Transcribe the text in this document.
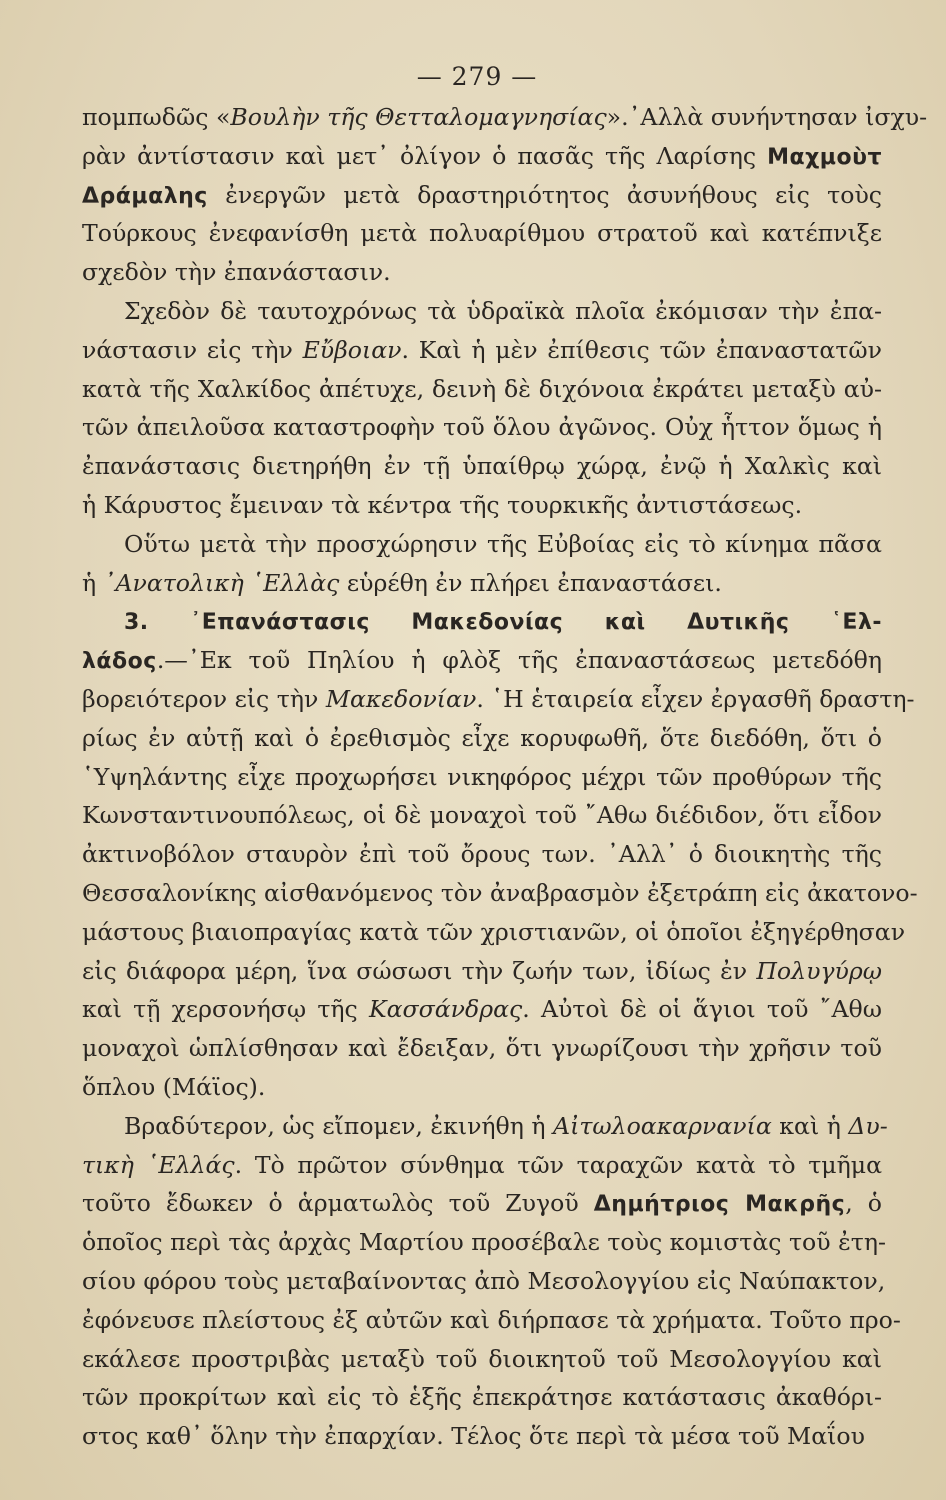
— 279 —
πομπωδῶς «Βουλὴν τῆς Θετταλομαγνησίας».᾿Αλλὰ συνήντησαν ἰσχυ-
ρὰν ἀντίστασιν καὶ μετ᾿ ὀλίγον ὁ πασᾶς τῆς Λαρίσης Μαχμοὺτ
Δράμαλης ἐνεργῶν μετὰ δραστηριότητος ἀσυνήθους εἰς τοὺς
Τούρκους ἐνεφανίσθη μετὰ πολυαρίθμου στρατοῦ καὶ κατέπνιξε
σχεδὸν τὴν ἐπανάστασιν.
Σχεδὸν δὲ ταυτοχρόνως τὰ ὑδραϊκὰ πλοῖα ἐκόμισαν τὴν ἐπα-
νάστασιν εἰς τὴν Εὔβοιαν. Καὶ ἡ μὲν ἐπίθεσις τῶν ἐπαναστατῶν
κατὰ τῆς Χαλκίδος ἀπέτυχε, δεινὴ δὲ διχόνοια ἐκράτει μεταξὺ αὐ-
τῶν ἀπειλοῦσα καταστροφὴν τοῦ ὅλου ἀγῶνος. Οὐχ ἧττον ὅμως ἡ
ἐπανάστασις διετηρήθη ἐν τῇ ὑπαίθρῳ χώρᾳ, ἐνῷ ἡ Χαλκὶς καὶ
ἡ Κάρυστος ἔμειναν τὰ κέντρα τῆς τουρκικῆς ἀντιστάσεως.
Οὕτω μετὰ τὴν προσχώρησιν τῆς Εὐβοίας εἰς τὸ κίνημα πᾶσα
ἡ ᾿Ανατολικὴ ῾Ελλὰς εὑρέθη ἐν πλήρει ἐπαναστάσει.
3. ᾿Επανάστασις Μακεδονίας καὶ Δυτικῆς ῾Ελ-
λάδος.—᾿Εκ τοῦ Πηλίου ἡ φλὸξ τῆς ἐπαναστάσεως μετεδόθη
βορειότερον εἰς τὴν Μακεδονίαν. ῾Η ἑταιρεία εἶχεν ἐργασθῆ δραστη-
ρίως ἐν αὐτῇ καὶ ὁ ἐρεθισμὸς εἶχε κορυφωθῆ, ὅτε διεδόθη, ὅτι ὁ
῾Υψηλάντης εἶχε προχωρήσει νικηφόρος μέχρι τῶν προθύρων τῆς
Κωνσταντινουπόλεως, οἱ δὲ μοναχοὶ τοῦ ῎Αθω διέδιδον, ὅτι εἶδον
ἀκτινοβόλον σταυρὸν ἐπὶ τοῦ ὄρους των. ᾿Αλλ᾿ ὁ διοικητὴς τῆς
Θεσσαλονίκης αἰσθανόμενος τὸν ἀναβρασμὸν ἐξετράπη εἰς ἀκατονο-
μάστους βιαιοπραγίας κατὰ τῶν χριστιανῶν, οἱ ὁποῖοι ἐξηγέρθησαν
εἰς διάφορα μέρη, ἵνα σώσωσι τὴν ζωήν των, ἰδίως ἐν Πολυγύρῳ
καὶ τῇ χερσονήσῳ τῆς Κασσάνδρας. Αὐτοὶ δὲ οἱ ἅγιοι τοῦ ῎Αθω
μοναχοὶ ὡπλίσθησαν καὶ ἔδειξαν, ὅτι γνωρίζουσι τὴν χρῆσιν τοῦ
ὅπλου (Μάϊος).
Βραδύτερον, ὡς εἴπομεν, ἐκινήθη ἡ Αἰτωλοακαρνανία καὶ ἡ Δυ-
τικὴ ῾Ελλάς. Τὸ πρῶτον σύνθημα τῶν ταραχῶν κατὰ τὸ τμῆμα
τοῦτο ἔδωκεν ὁ ἁρματωλὸς τοῦ Ζυγοῦ Δημήτριος Μακρῆς, ὁ
ὁποῖος περὶ τὰς ἀρχὰς Μαρτίου προσέβαλε τοὺς κομιστὰς τοῦ ἐτη-
σίου φόρου τοὺς μεταβαίνοντας ἀπὸ Μεσολογγίου εἰς Ναύπακτον,
ἐφόνευσε πλείστους ἐξ αὐτῶν καὶ διήρπασε τὰ χρήματα. Τοῦτο προ-
εκάλεσε προστριβὰς μεταξὺ τοῦ διοικητοῦ τοῦ Μεσολογγίου καὶ
τῶν προκρίτων καὶ εἰς τὸ ἑξῆς ἐπεκράτησε κατάστασις ἀκαθόρι-
στος καθ᾿ ὅλην τὴν ἐπαρχίαν. Τέλος ὅτε περὶ τὰ μέσα τοῦ Μαΐου
